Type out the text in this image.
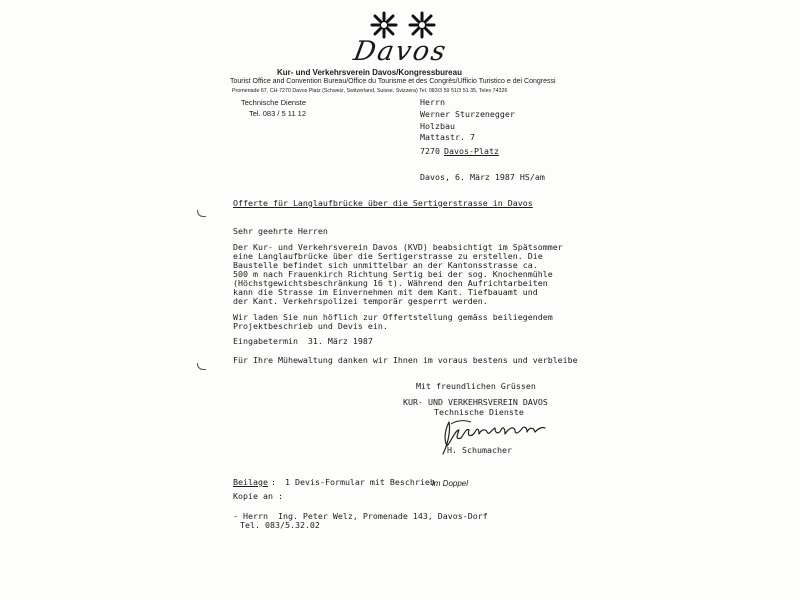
Davos
Kur- und Verkehrsverein Davos/Kongressbureau
Tourist Office and Convention Bureau/Office du Tourisme et des Congrès/Ufficio Turistico e dei Congressi
Promenade 67, CH-7270 Davos Platz (Schweiz, Switzerland, Suisse, Svizzera) Tel. 083/3 59 51/3 51 35, Telex 74326
Technische Dienste
Tel. 083 / 5 11 12
Herrn
Werner Sturzenegger
Holzbau
Mattastr. 7
7270 Davos-Platz
Davos, 6. März 1987 HS/am
Offerte für Langlaufbrücke über die Sertigerstrasse in Davos
Sehr geehrte Herren
Der Kur- und Verkehrsverein Davos (KVD) beabsichtigt im Spätsommer
eine Langlaufbrücke über die Sertigerstrasse zu erstellen. Die
Baustelle befindet sich unmittelbar an der Kantonsstrasse ca.
500 m nach Frauenkirch Richtung Sertig bei der sog. Knochenmühle
(Höchstgewichtsbeschränkung 16 t). Während den Aufrichtarbeiten
kann die Strasse im Einvernehmen mit dem Kant. Tiefbauamt und
der Kant. Verkehrspolizei temporär gesperrt werden.
Wir laden Sie nun höflich zur Offertstellung gemäss beiliegendem
Projektbeschrieb und Devis ein.
Eingabetermin  31. März 1987
Für Ihre Mühewaltung danken wir Ihnen im voraus bestens und verbleibe
Mit freundlichen Grüssen
KUR- UND VERKEHRSVEREIN DAVOS
Technische Dienste
H. Schumacher
Beilage : 1 Devis-Formular mit Beschrieb
im Doppel
Kopie an :
- Herrn  Ing. Peter Welz, Promenade 143, Davos-Dorf
Tel. 083/5.32.02
